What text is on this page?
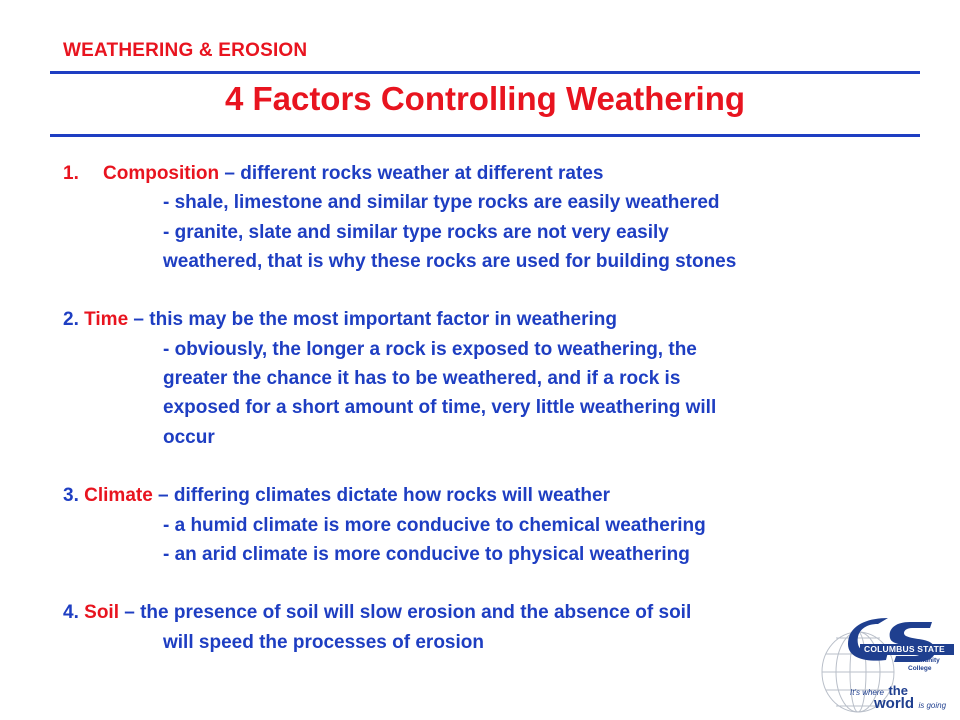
WEATHERING & EROSION
4 Factors Controlling Weathering
1. Composition – different rocks weather at different rates
- shale, limestone and similar type rocks are easily weathered
- granite, slate and similar type rocks are not very easily
weathered, that is why these rocks are used for building stones
2. Time – this may be the most important factor in weathering
- obviously, the longer a rock is exposed to weathering, the
greater the chance it has to be weathered, and if a rock is
exposed for a short amount of time, very little weathering will
occur
3. Climate – differing climates dictate how rocks will weather
- a humid climate is more conducive to chemical weathering
- an arid climate is more conducive to physical weathering
4. Soil – the presence of soil will slow erosion and the absence of soil
will speed the processes of erosion	COLUMBUS STATE
Community
College
It's where the
world is going
